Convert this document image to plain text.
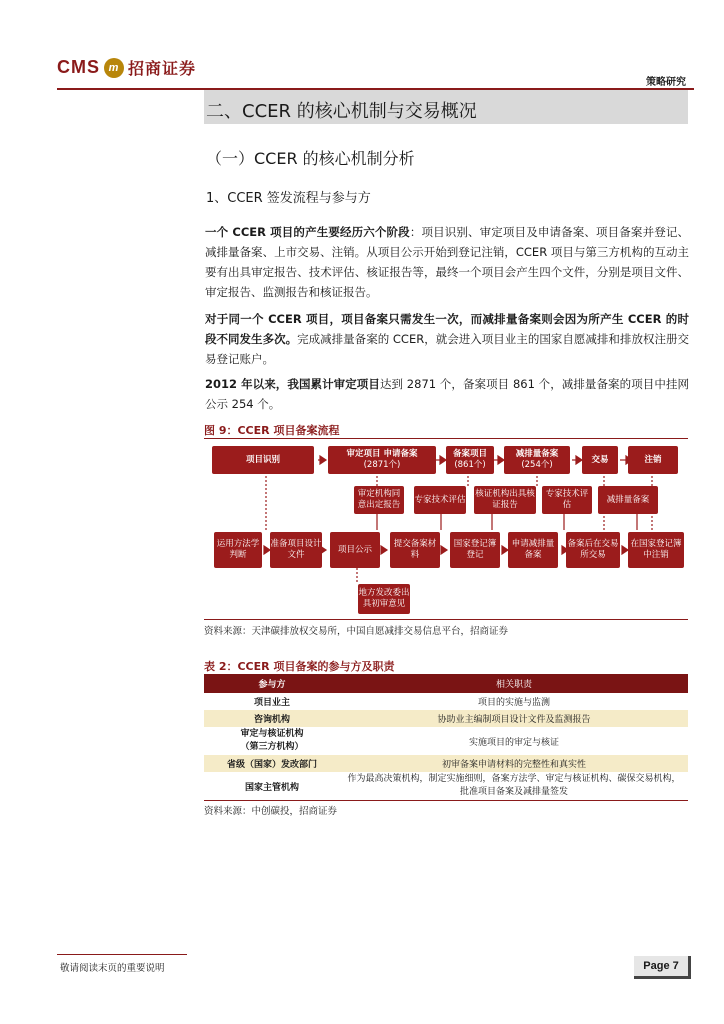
CMS m 招商证券
策略研究
二、CCER 的核心机制与交易概况
（一）CCER 的核心机制分析
1、CCER 签发流程与参与方
一个 CCER 项目的产生要经历六个阶段：项目识别、审定项目及申请备案、项目备案并登记、减排量备案、上市交易、注销。从项目公示开始到登记注销，CCER 项目与第三方机构的互动主要有出具审定报告、技术评估、核证报告等，最终一个项目会产生四个文件，分别是项目文件、审定报告、监测报告和核证报告。
对于同一个 CCER 项目，项目备案只需发生一次，而减排量备案则会因为所产生 CCER 的时段不同发生多次。完成减排量备案的 CCER，就会进入项目业主的国家自愿减排和排放权注册交易登记账户。
2012 年以来，我国累计审定项目达到 2871 个，备案项目 861 个，减排量备案的项目中挂网公示 254 个。
图 9：CCER 项目备案流程
项目识别
审定项目 申请备案
(2871个)
备案项目
(861个)
减排量备案
(254个)
交易	注销
审定机构同意出定报告
专家技术评估
核证机构出具核证报告
专家技术评估
减排量备案
运用方法学判断
准备项目设计文件
项目公示
提交备案材料
国家登记簿登记
申请减排量备案
备案后在交易所交易
在国家登记簿中注销
地方发改委出具初审意见
资料来源：天津碳排放权交易所，中国自愿减排交易信息平台，招商证券
表 2：CCER 项目备案的参与方及职责
参与方	相关职责
项目业主	项目的实施与监测
咨询机构	协助业主编制项目设计文件及监测报告
审定与核证机构
（第三方机构）	实施项目的审定与核证
省级（国家）发改部门	初审备案申请材料的完整性和真实性
国家主管机构	作为最高决策机构，制定实施细则，备案方法学、审定与核证机构、碳保交易机构，批准项目备案及减排量签发
资料来源：中创碳投，招商证券
敬请阅读末页的重要说明	Page 7
